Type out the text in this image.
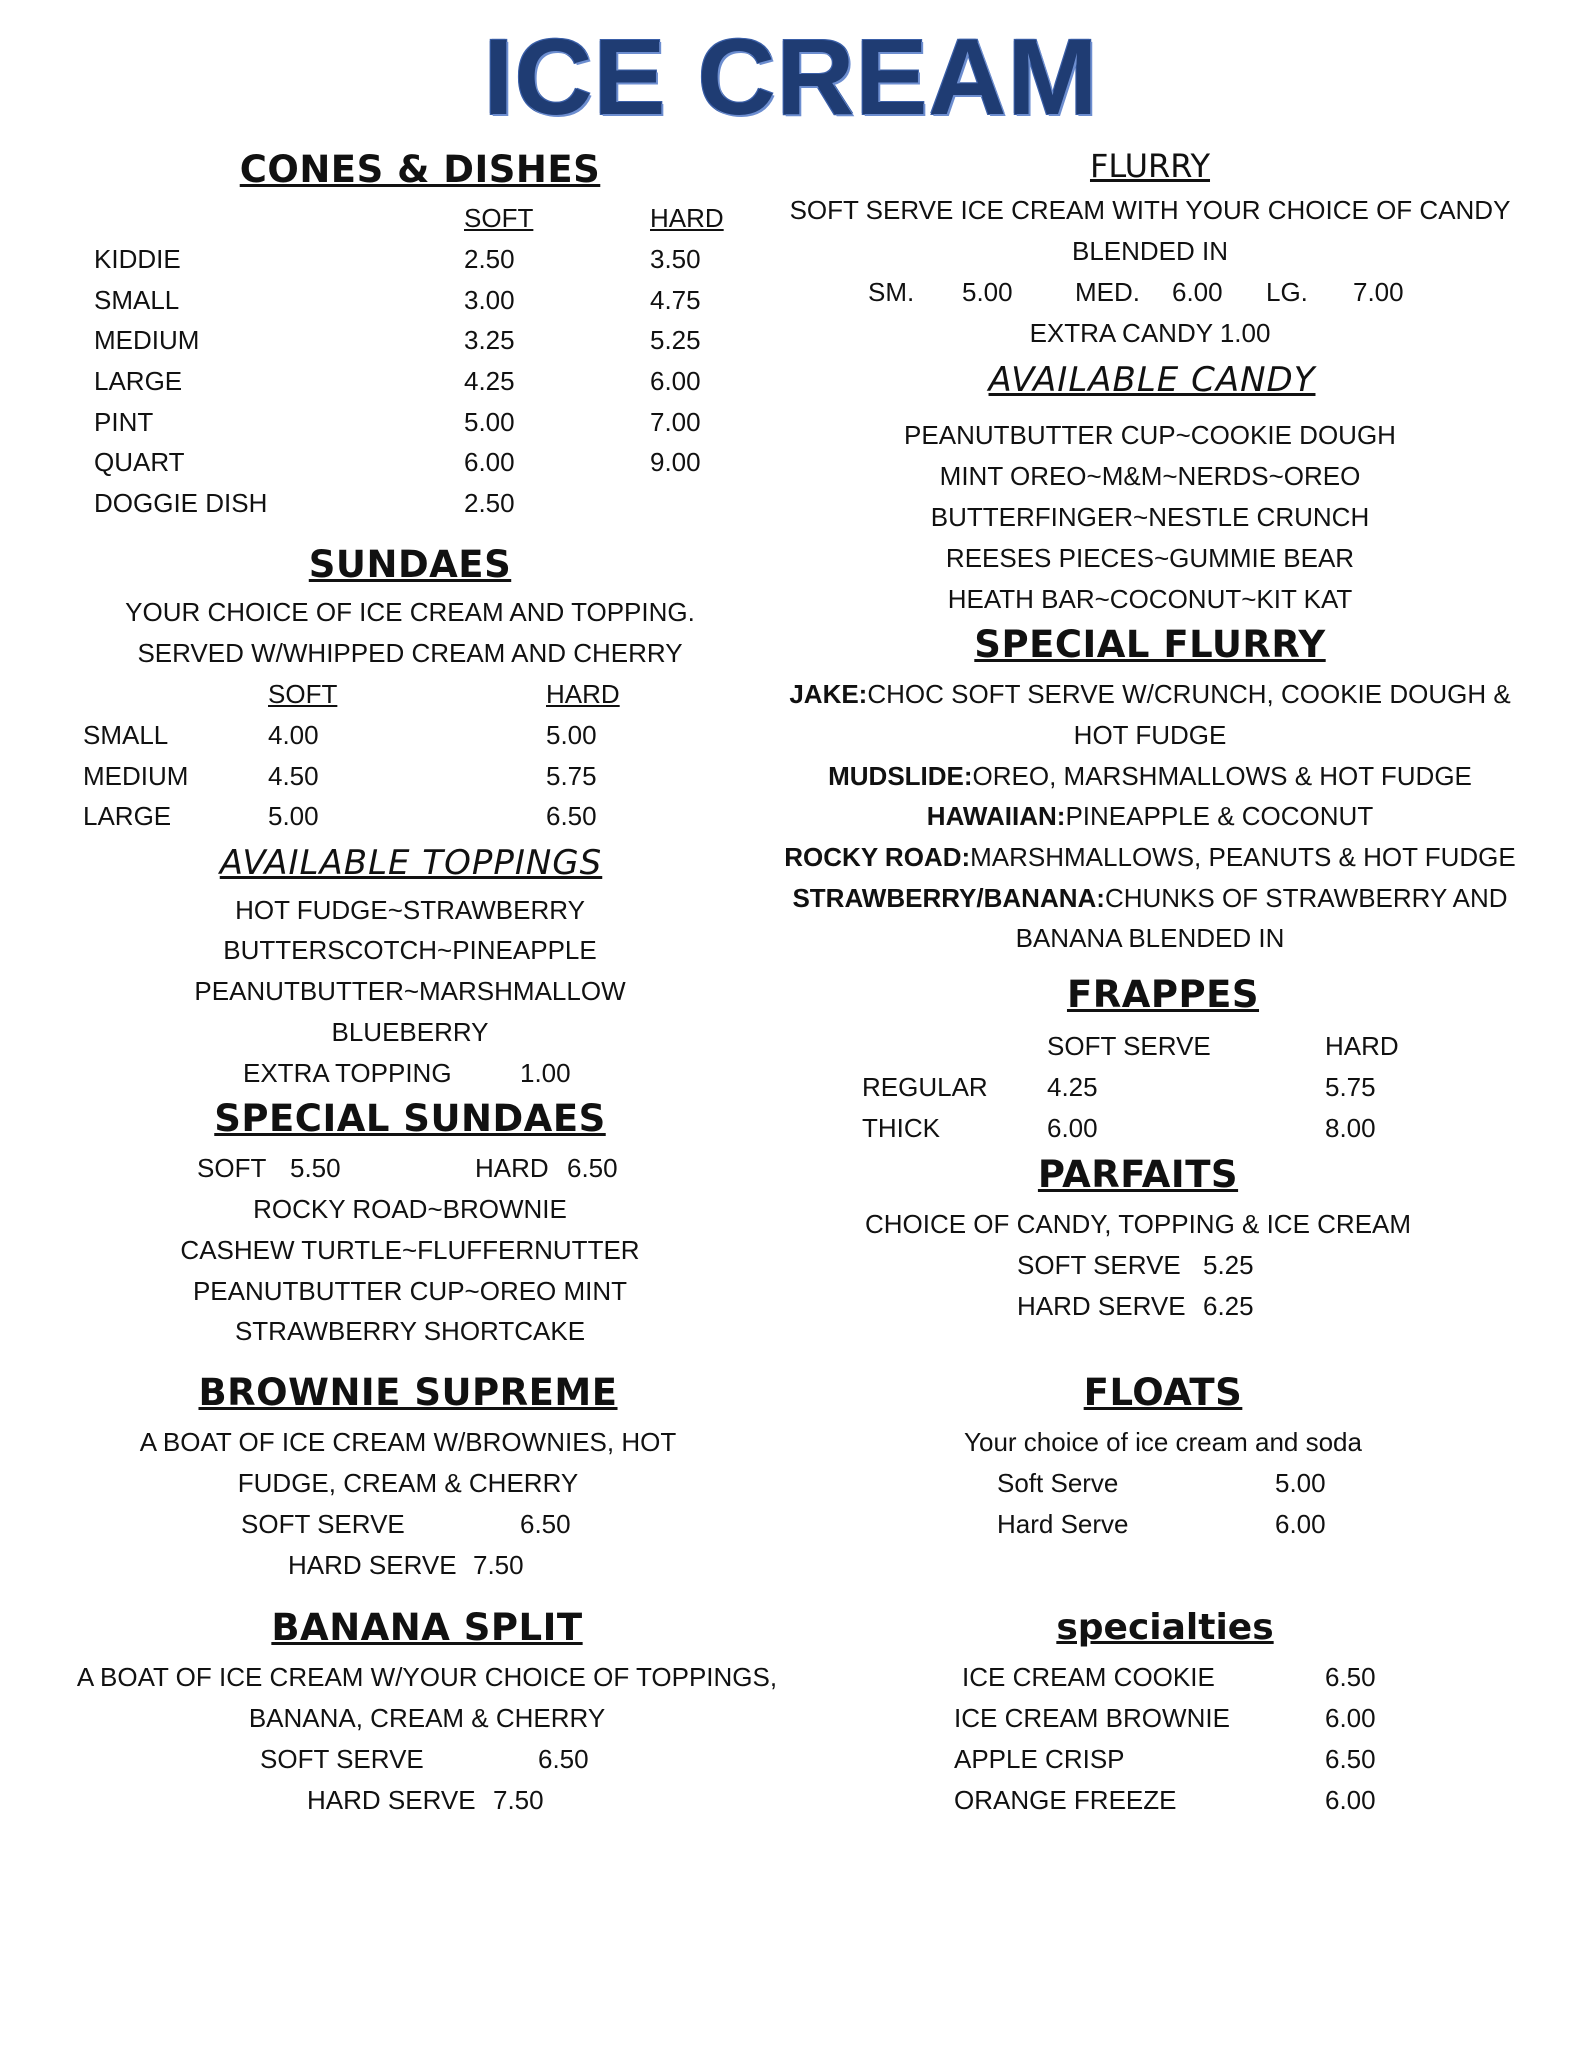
ICE CREAM
CONES & DISHES
SOFT	HARD
KIDDIE	2.50	3.50
SMALL	3.00	4.75
MEDIUM	3.25	5.25
LARGE	4.25	6.00
PINT	5.00	7.00
QUART	6.00	9.00
DOGGIE DISH	2.50
SUNDAES
YOUR CHOICE OF ICE CREAM AND TOPPING.
SERVED W/WHIPPED CREAM AND CHERRY
SOFT	HARD
SMALL	4.00	5.00
MEDIUM	4.50	5.75
LARGE	5.00	6.50
AVAILABLE TOPPINGS
HOT FUDGE~STRAWBERRY
BUTTERSCOTCH~PINEAPPLE
PEANUTBUTTER~MARSHMALLOW
BLUEBERRY
EXTRA TOPPING	1.00
SPECIAL SUNDAES
SOFT 5.50	HARD 6.50
ROCKY ROAD~BROWNIE
CASHEW TURTLE~FLUFFERNUTTER
PEANUTBUTTER CUP~OREO MINT
STRAWBERRY SHORTCAKE
BROWNIE SUPREME
A BOAT OF ICE CREAM W/BROWNIES, HOT
FUDGE, CREAM & CHERRY
SOFT SERVE	6.50
HARD SERVE 7.50
BANANA SPLIT
A BOAT OF ICE CREAM W/YOUR CHOICE OF TOPPINGS,
BANANA, CREAM & CHERRY
SOFT SERVE	6.50
HARD SERVE 7.50
FLURRY
SOFT SERVE ICE CREAM WITH YOUR CHOICE OF CANDY
BLENDED IN
SM. 5.00 MED. 6.00 LG. 7.00
EXTRA CANDY 1.00
AVAILABLE CANDY
PEANUTBUTTER CUP~COOKIE DOUGH
MINT OREO~M&M~NERDS~OREO
BUTTERFINGER~NESTLE CRUNCH
REESES PIECES~GUMMIE BEAR
HEATH BAR~COCONUT~KIT KAT
SPECIAL FLURRY
JAKE:CHOC SOFT SERVE W/CRUNCH, COOKIE DOUGH &
HOT FUDGE
MUDSLIDE:OREO, MARSHMALLOWS & HOT FUDGE
HAWAIIAN:PINEAPPLE & COCONUT
ROCKY ROAD:MARSHMALLOWS, PEANUTS & HOT FUDGE
STRAWBERRY/BANANA:CHUNKS OF STRAWBERRY AND
BANANA BLENDED IN
FRAPPES
SOFT SERVE	HARD
REGULAR 4.25	5.75
THICK	6.00	8.00
PARFAITS
CHOICE OF CANDY, TOPPING & ICE CREAM
SOFT SERVE 5.25
HARD SERVE 6.25
FLOATS
Your choice of ice cream and soda
Soft Serve	5.00
Hard Serve	6.00
specialties
ICE CREAM COOKIE	6.50
ICE CREAM BROWNIE	6.00
APPLE CRISP	6.50
ORANGE FREEZE	6.00
